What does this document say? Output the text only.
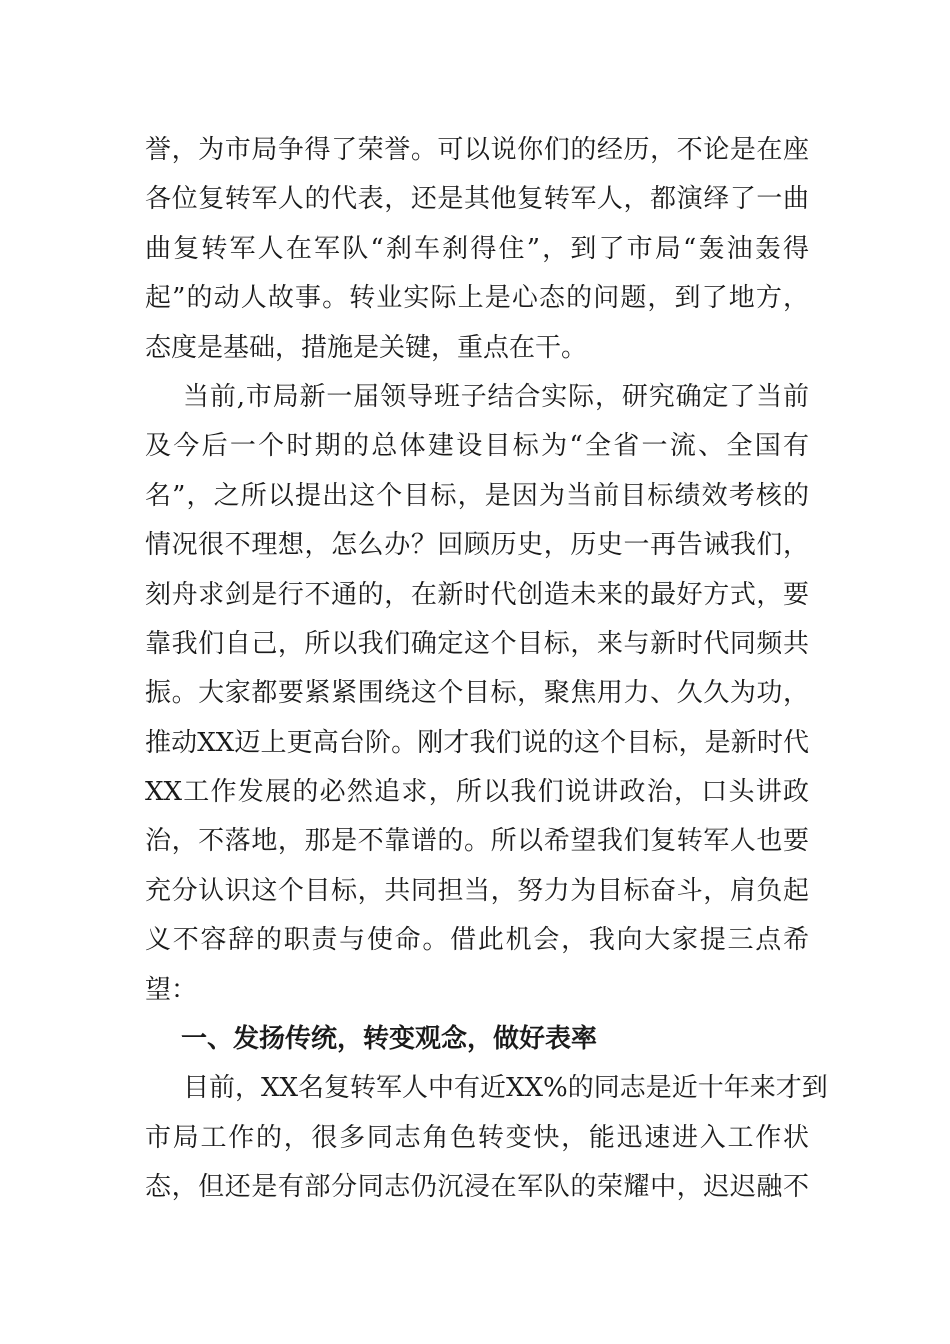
誉，为市局争得了荣誉。可以说你们的经历，不论是在座
各位复转军人的代表，还是其他复转军人，都演绎了一曲
曲复转军人在军队“刹车刹得住”，到了市局“轰油轰得
起”的动人故事。转业实际上是心态的问题，到了地方，
态度是基础，措施是关键，重点在干。
当前,市局新一届领导班子结合实际，研究确定了当前
及今后一个时期的总体建设目标为“全省一流、全国有
名”，之所以提出这个目标，是因为当前目标绩效考核的
情况很不理想，怎么办？回顾历史，历史一再告诫我们，
刻舟求剑是行不通的，在新时代创造未来的最好方式，要
靠我们自己，所以我们确定这个目标，来与新时代同频共
振。大家都要紧紧围绕这个目标，聚焦用力、久久为功，
推动XX迈上更高台阶。刚才我们说的这个目标，是新时代
XX工作发展的必然追求，所以我们说讲政治，口头讲政
治，不落地，那是不靠谱的。所以希望我们复转军人也要
充分认识这个目标，共同担当，努力为目标奋斗，肩负起
义不容辞的职责与使命。借此机会，我向大家提三点希
望：
一、发扬传统，转变观念，做好表率
目前，XX名复转军人中有近XX%的同志是近十年来才到
市局工作的，很多同志角色转变快，能迅速进入工作状
态，但还是有部分同志仍沉浸在军队的荣耀中，迟迟融不
